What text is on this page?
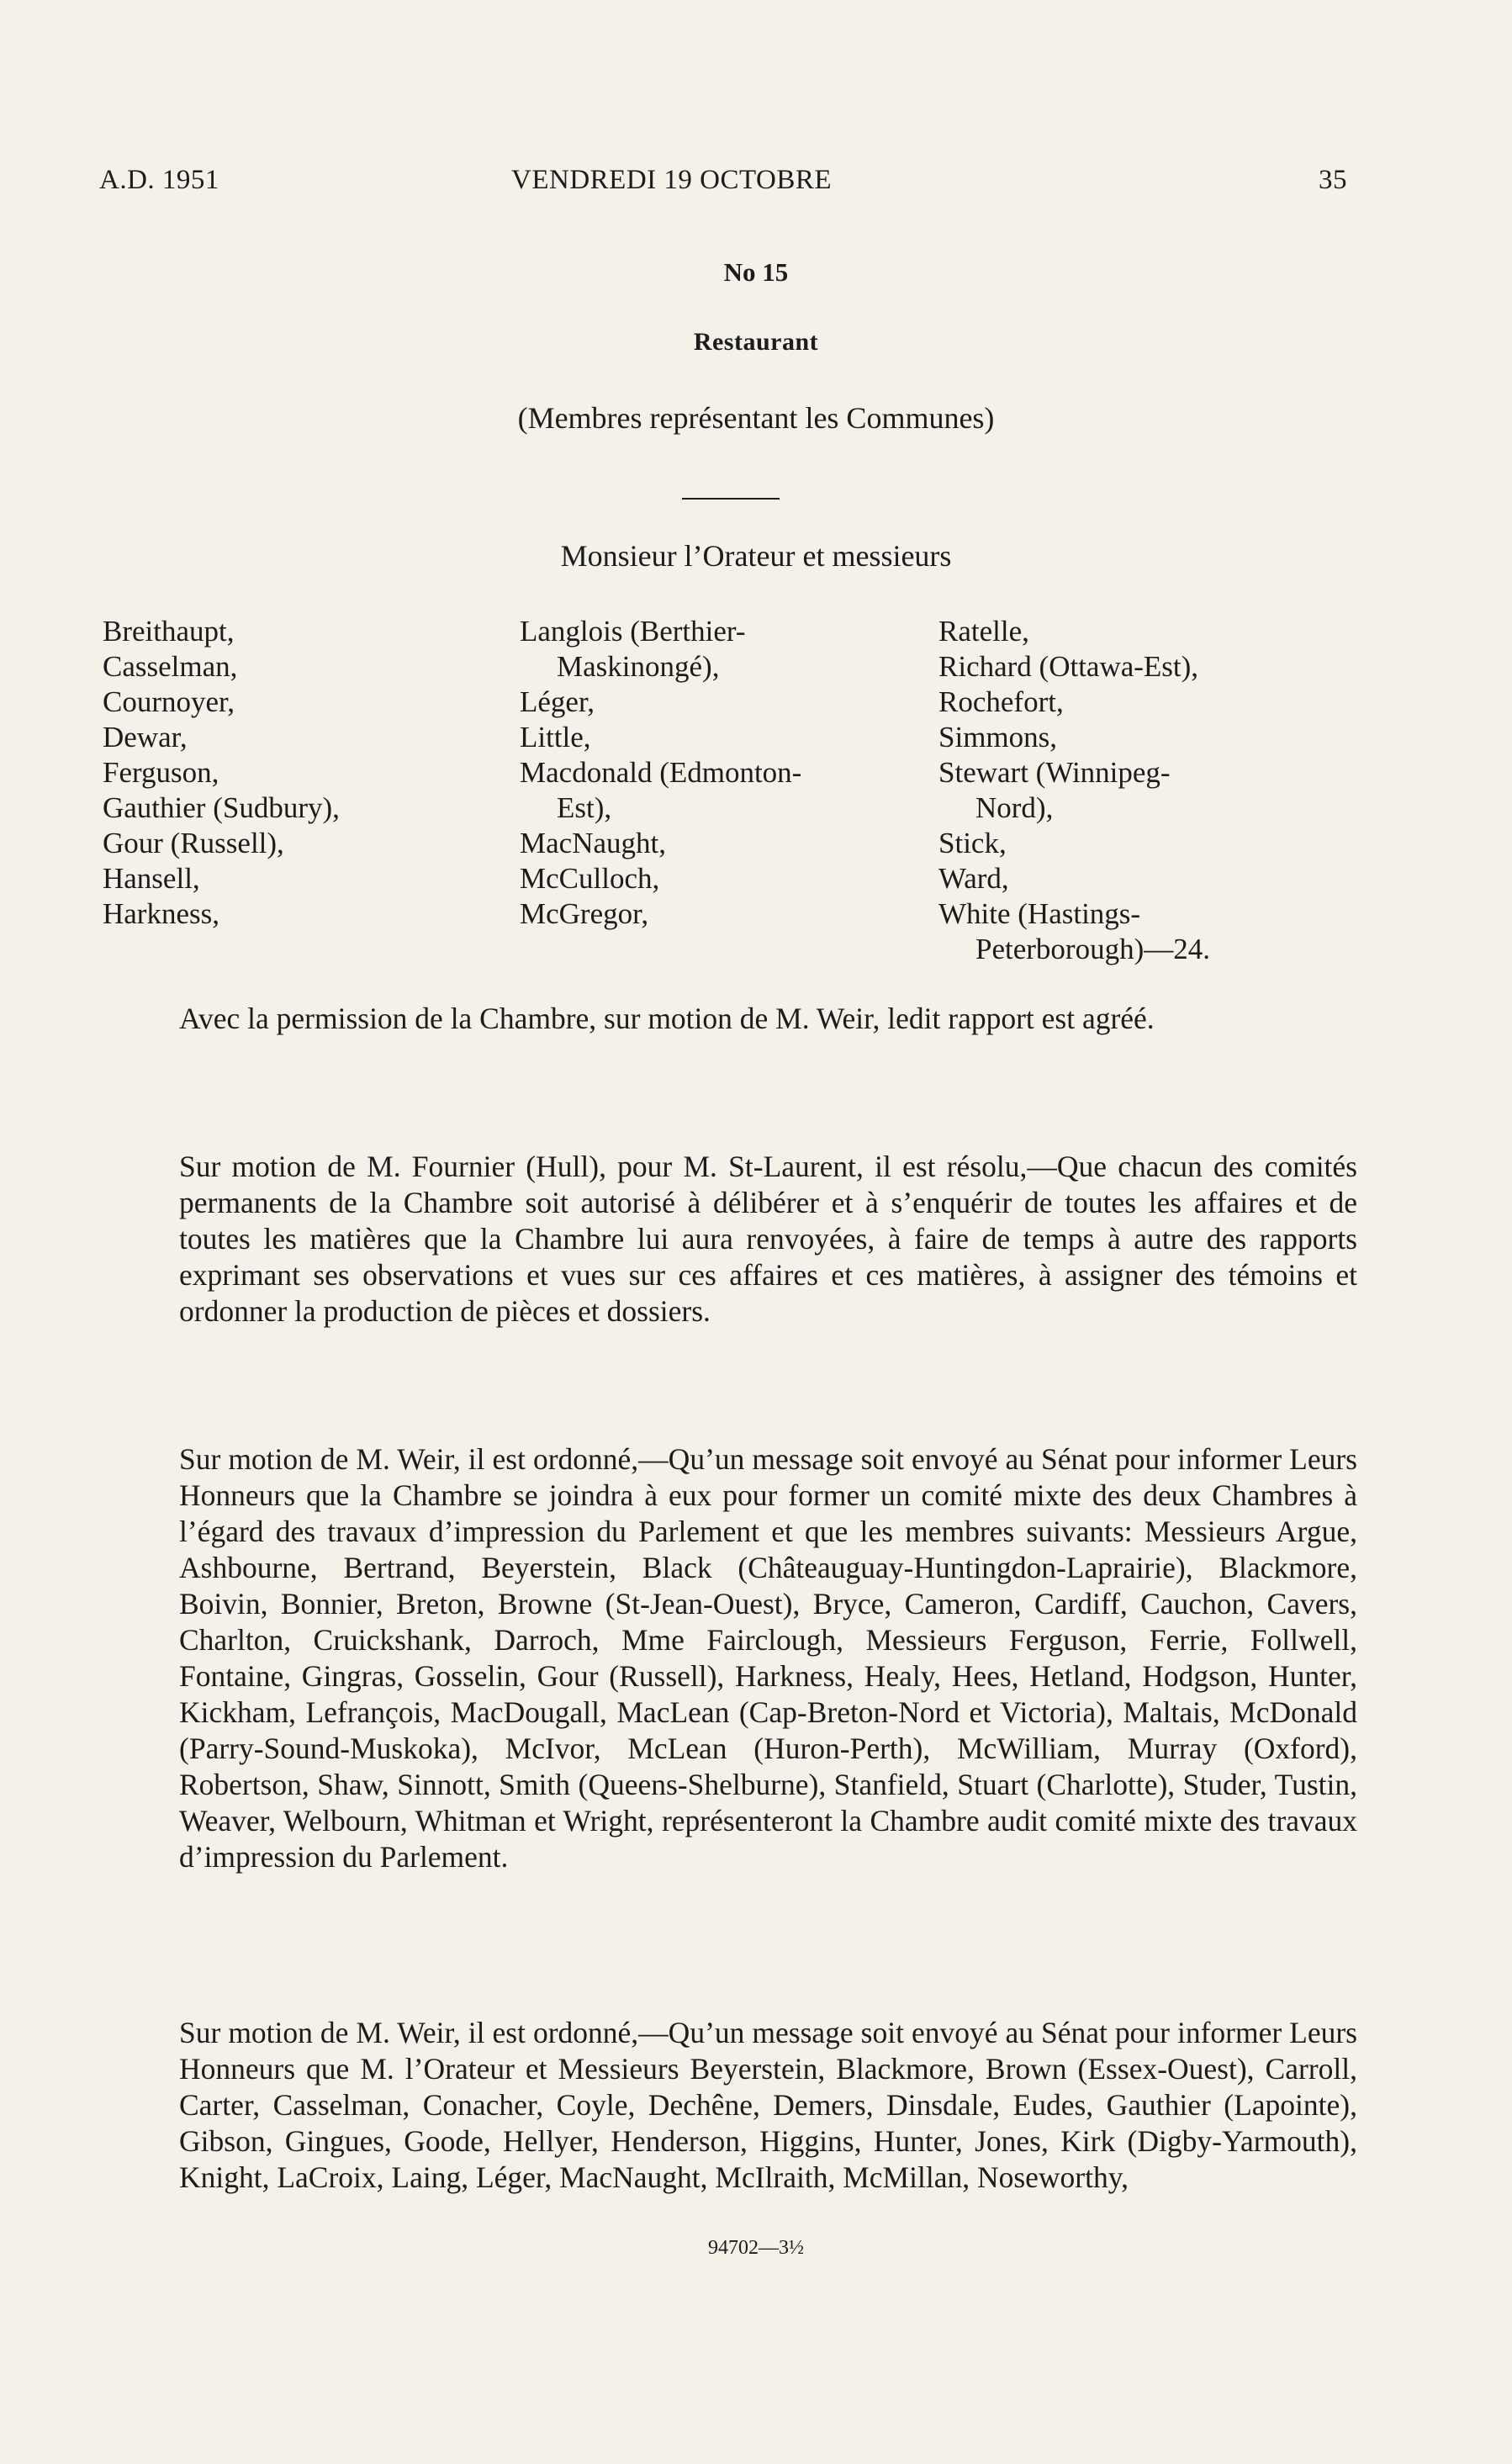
A.D. 1951	VENDREDI 19 OCTOBRE	35
No 15
Restaurant
(Membres représentant les Communes)
Monsieur l’Orateur et messieurs
Breithaupt,
Casselman,
Cournoyer,
Dewar,
Ferguson,
Gauthier (Sudbury),
Gour (Russell),
Hansell,
Harkness,
Langlois (Berthier-
Maskinongé),
Léger,
Little,
Macdonald (Edmonton-
Est),
MacNaught,
McCulloch,
McGregor,
Ratelle,
Richard (Ottawa-Est),
Rochefort,
Simmons,
Stewart (Winnipeg-
Nord),
Stick,
Ward,
White (Hastings-
Peterborough)—24.
Avec la permission de la Chambre, sur motion de M. Weir, ledit rapport est agréé.
Sur motion de M. Fournier (Hull), pour M. St-Laurent, il est résolu,—Que chacun des comités permanents de la Chambre soit autorisé à délibérer et à s’enquérir de toutes les affaires et de toutes les matières que la Chambre lui aura renvoyées, à faire de temps à autre des rapports exprimant ses observations et vues sur ces affaires et ces matières, à assigner des témoins et ordonner la production de pièces et dossiers.
Sur motion de M. Weir, il est ordonné,—Qu’un message soit envoyé au Sénat pour informer Leurs Honneurs que la Chambre se joindra à eux pour former un comité mixte des deux Chambres à l’égard des travaux d’impression du Parlement et que les membres suivants: Messieurs Argue, Ashbourne, Bertrand, Beyerstein, Black (Châteauguay-Huntingdon-Laprairie), Blackmore, Boivin, Bonnier, Breton, Browne (St-Jean-Ouest), Bryce, Cameron, Cardiff, Cauchon, Cavers, Charlton, Cruickshank, Darroch, Mme Fairclough, Messieurs Ferguson, Ferrie, Follwell, Fontaine, Gingras, Gosselin, Gour (Russell), Harkness, Healy, Hees, Hetland, Hodgson, Hunter, Kickham, Lefrançois, MacDougall, MacLean (Cap-Breton-Nord et Victoria), Maltais, McDonald (Parry-Sound-Muskoka), McIvor, McLean (Huron-Perth), McWilliam, Murray (Oxford), Robertson, Shaw, Sinnott, Smith (Queens-Shelburne), Stanfield, Stuart (Charlotte), Studer, Tustin, Weaver, Welbourn, Whitman et Wright, représenteront la Chambre audit comité mixte des travaux d’impression du Parlement.
Sur motion de M. Weir, il est ordonné,—Qu’un message soit envoyé au Sénat pour informer Leurs Honneurs que M. l’Orateur et Messieurs Beyerstein, Blackmore, Brown (Essex-Ouest), Carroll, Carter, Casselman, Conacher, Coyle, Dechêne, Demers, Dinsdale, Eudes, Gauthier (Lapointe), Gibson, Gingues, Goode, Hellyer, Henderson, Higgins, Hunter, Jones, Kirk (Digby-Yarmouth), Knight, LaCroix, Laing, Léger, MacNaught, McIlraith, McMillan, Noseworthy,
94702—3½
